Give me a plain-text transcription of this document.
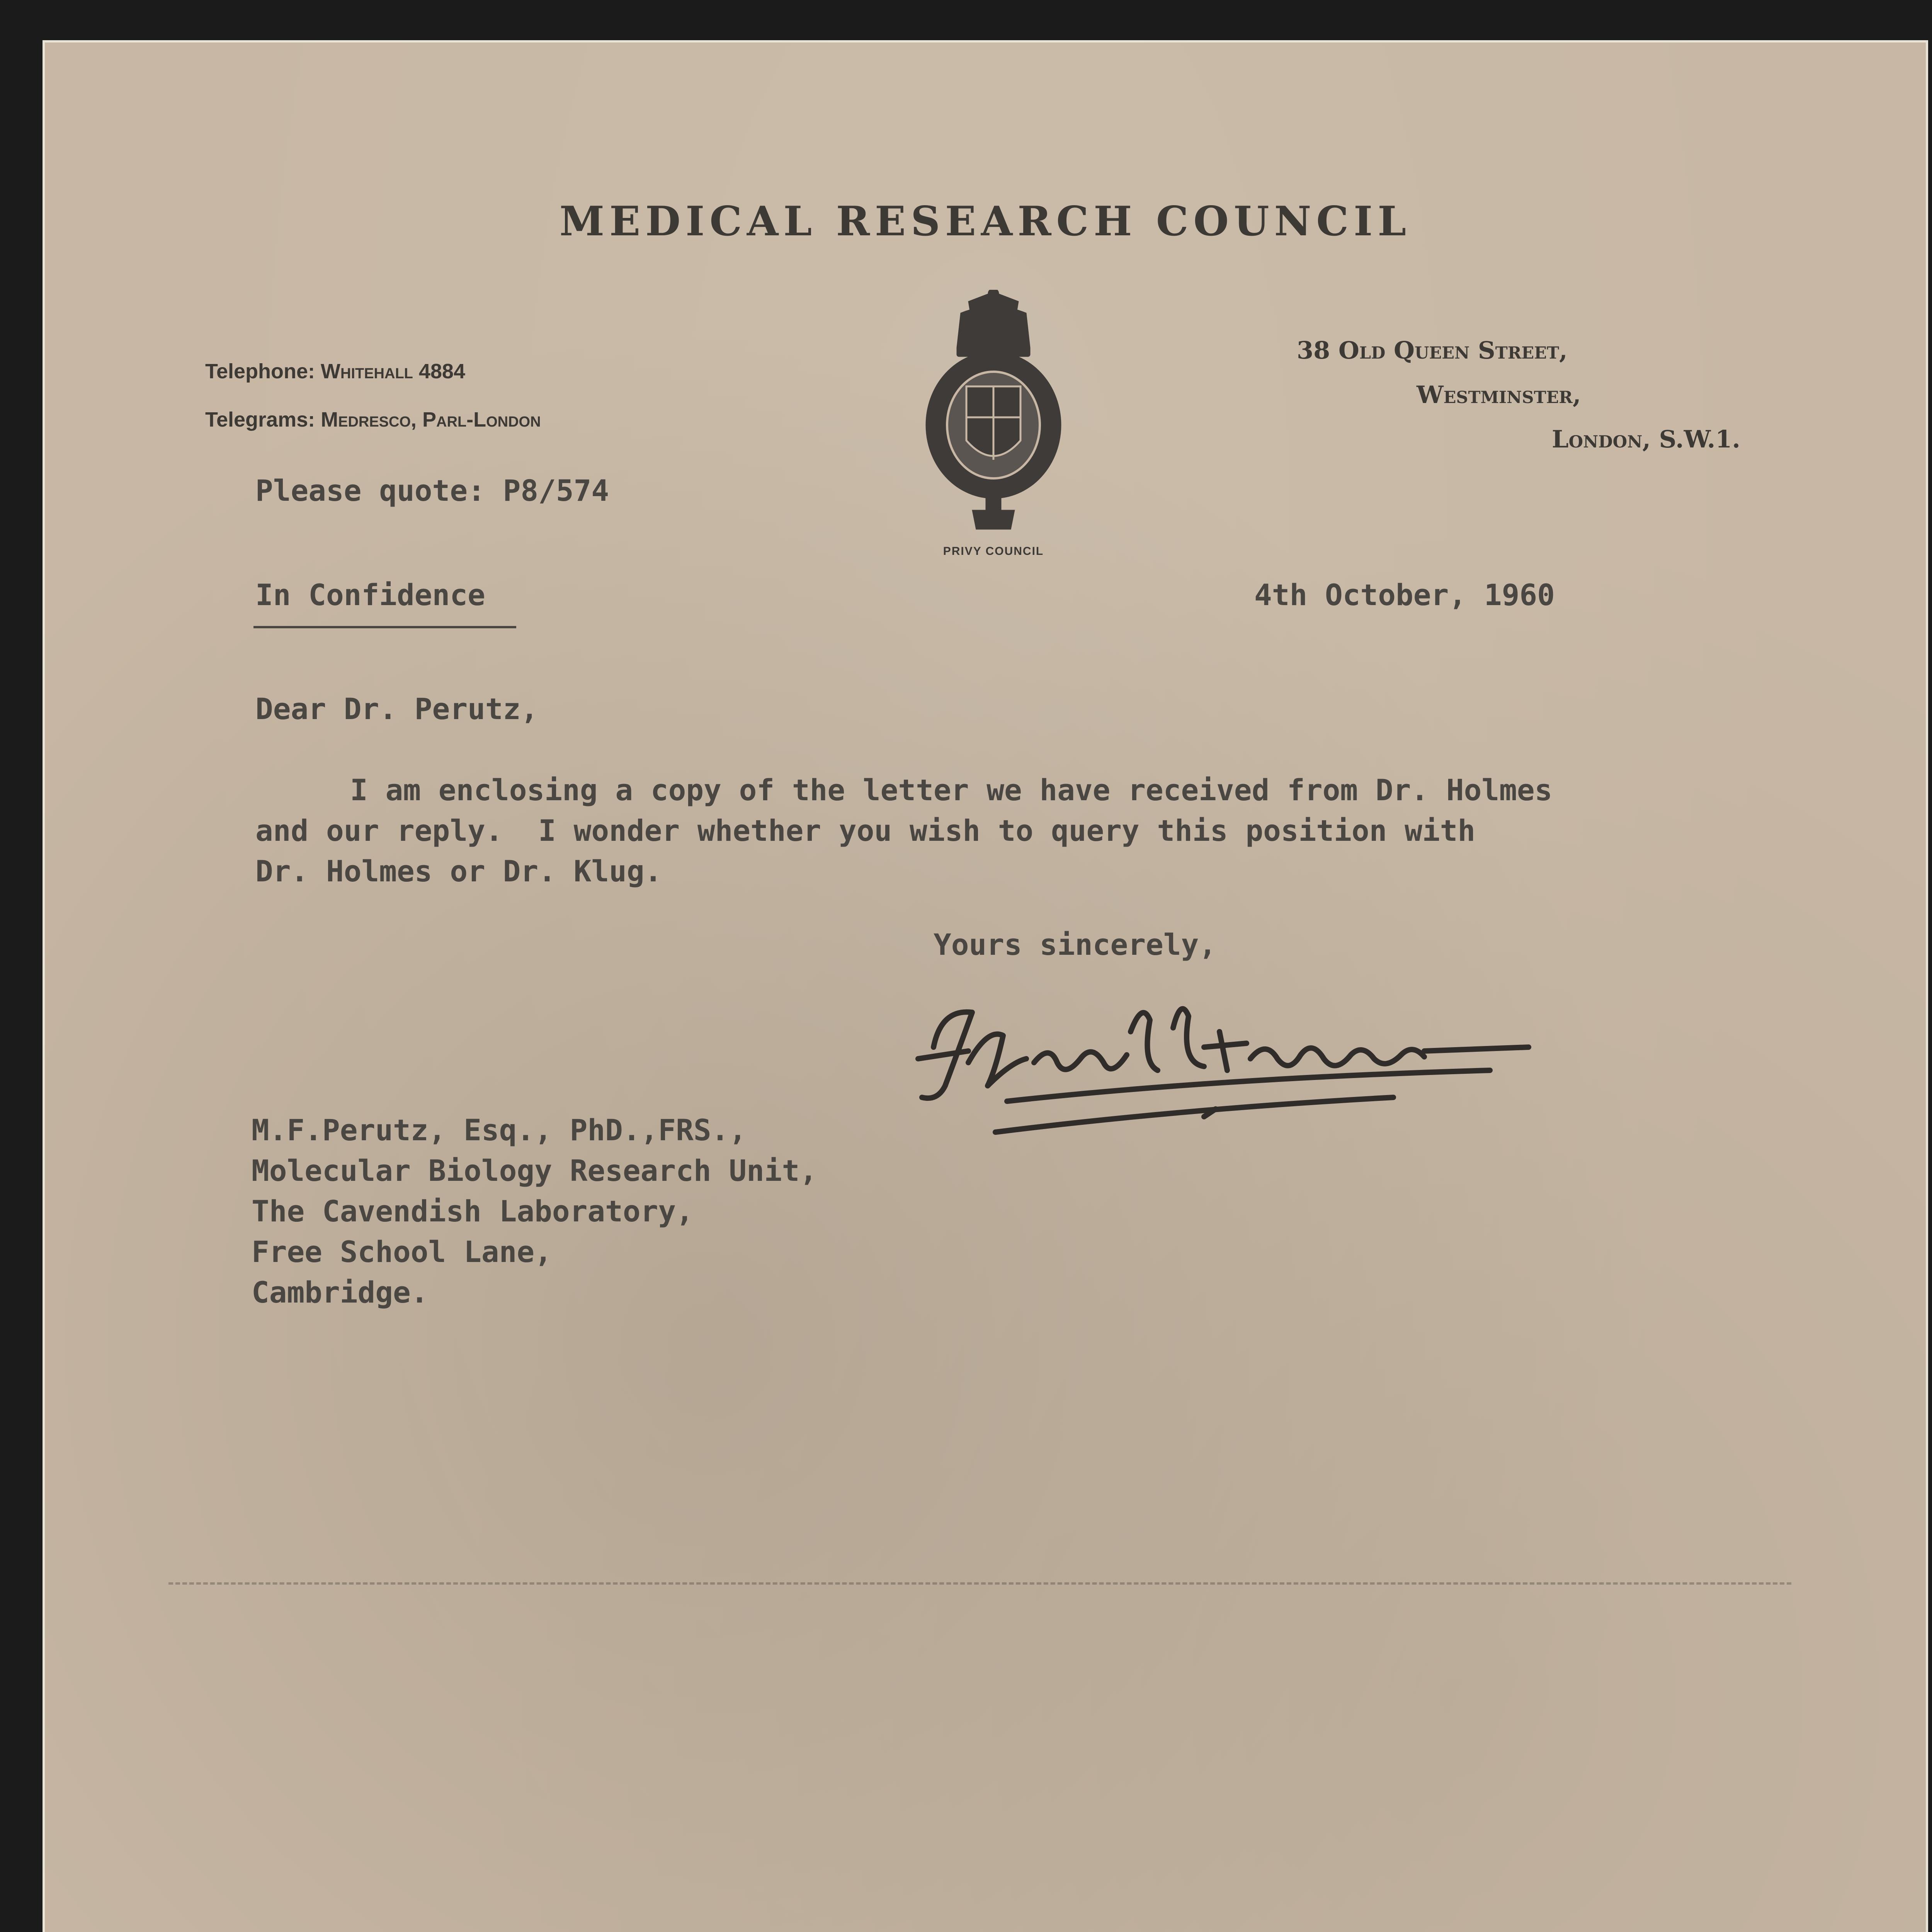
MEDICAL RESEARCH COUNCIL
Telephone: Whitehall 4884
Telegrams: Medresco, Parl-London
38 Old Queen Street,
Westminster,
London, S.W.1.
PRIVY COUNCIL
Please quote: P8/574
In Confidence	4th October, 1960
Dear Dr. Perutz,
I am enclosing a copy of the letter we have received from Dr. Holmes
and our reply.  I wonder whether you wish to query this position with
Dr. Holmes or Dr. Klug.
Yours sincerely,
M.F.Perutz, Esq., PhD.,FRS.,
Molecular Biology Research Unit,
The Cavendish Laboratory,
Free School Lane,
Cambridge.
